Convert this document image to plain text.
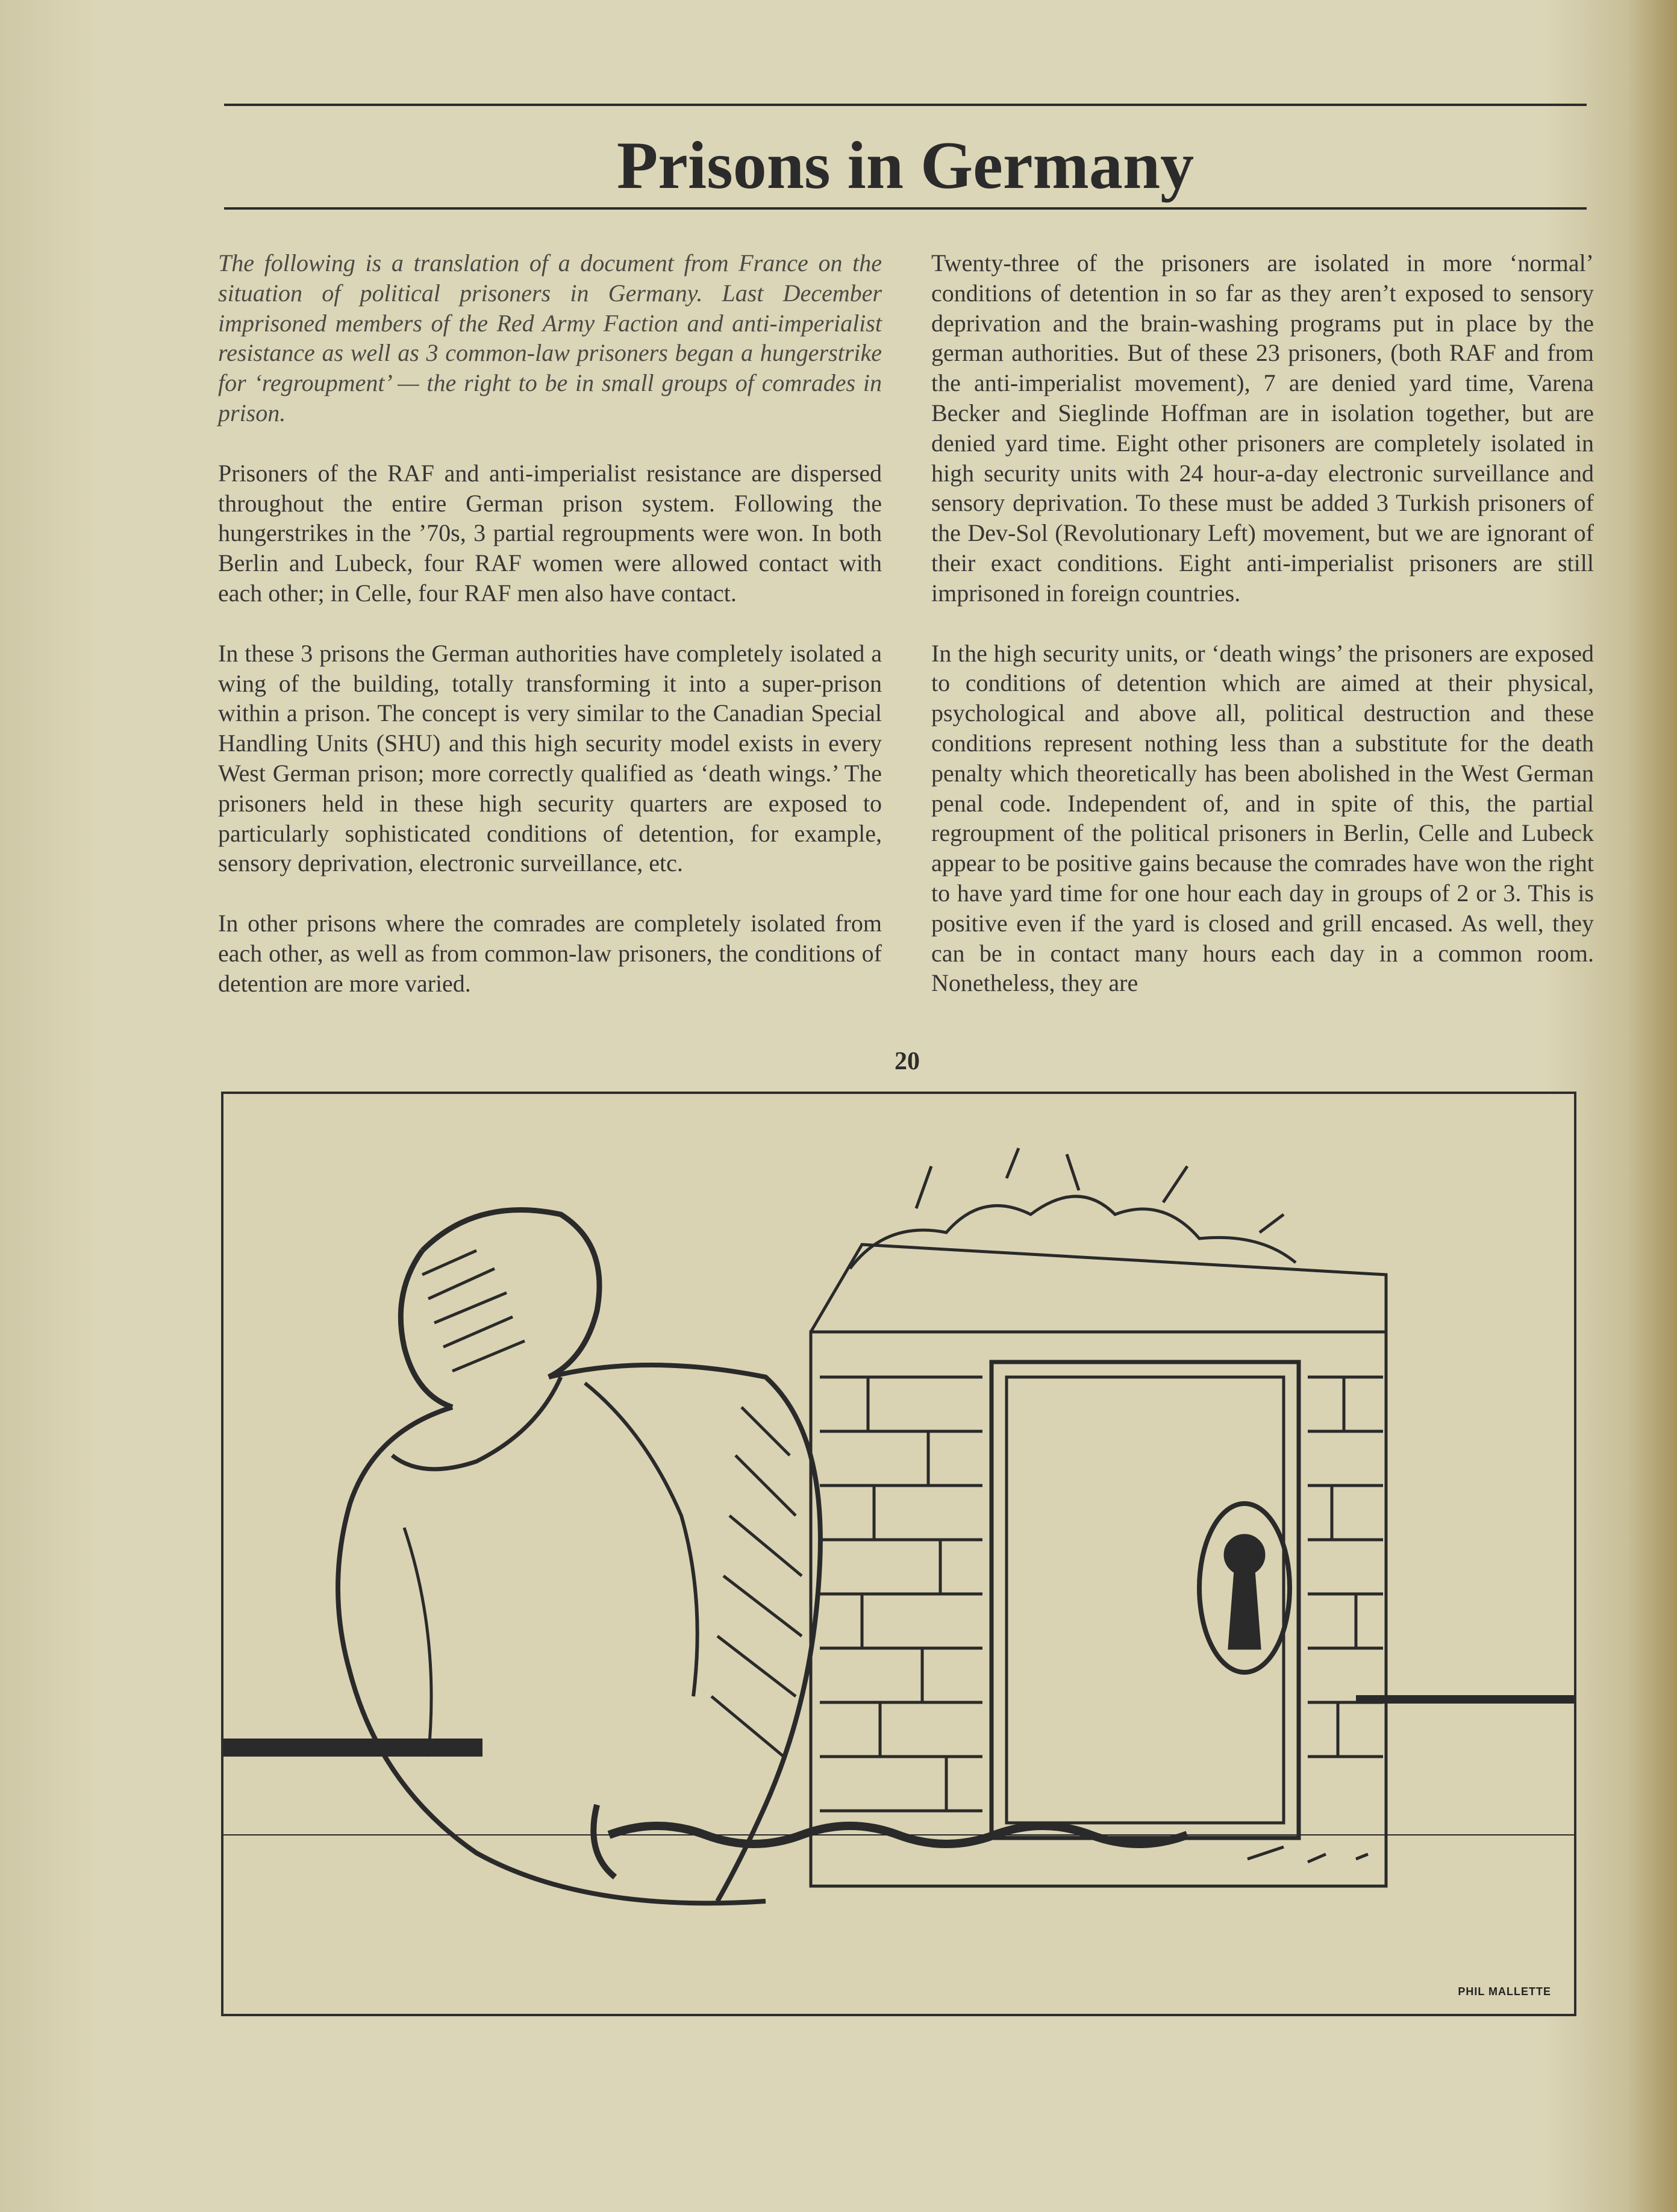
Prisons in Germany

The following is a translation of a document from France on the situation of political prisoners in Germany. Last December imprisoned members of the Red Army Faction and anti-imperialist resistance as well as 3 common-law prisoners began a hungerstrike for ‘regroupment’ — the right to be in small groups of comrades in prison.

Prisoners of the RAF and anti-imperialist resistance are dispersed throughout the entire German prison system. Following the hungerstrikes in the ’70s, 3 partial regroupments were won. In both Berlin and Lubeck, four RAF women were allowed contact with each other; in Celle, four RAF men also have contact.

In these 3 prisons the German authorities have completely isolated a wing of the building, totally transforming it into a super-prison within a prison. The concept is very similar to the Canadian Special Handling Units (SHU) and this high security model exists in every West German prison; more correctly qualified as ‘death wings.’ The prisoners held in these high security quarters are exposed to particularly sophisticated conditions of detention, for example, sensory deprivation, electronic surveillance, etc.

In other prisons where the comrades are completely isolated from each other, as well as from common-law prisoners, the conditions of detention are more varied.

Twenty-three of the prisoners are isolated in more ‘normal’ conditions of detention in so far as they aren’t exposed to sensory deprivation and the brain-washing programs put in place by the german authorities. But of these 23 prisoners, (both RAF and from the anti-imperialist movement), 7 are denied yard time, Varena Becker and Sieglinde Hoffman are in isolation together, but are denied yard time. Eight other prisoners are completely isolated in high security units with 24 hour-a-day electronic surveillance and sensory deprivation. To these must be added 3 Turkish prisoners of the Dev-Sol (Revolutionary Left) movement, but we are ignorant of their exact conditions. Eight anti-imperialist prisoners are still imprisoned in foreign countries.

In the high security units, or ‘death wings’ the prisoners are exposed to conditions of detention which are aimed at their physical, psychological and above all, political destruction and these conditions represent nothing less than a substitute for the death penalty which theoretically has been abolished in the West German penal code. Independent of, and in spite of this, the partial regroupment of the political prisoners in Berlin, Celle and Lubeck appear to be positive gains because the comrades have won the right to have yard time for one hour each day in groups of 2 or 3. This is positive even if the yard is closed and grill encased. As well, they can be in contact many hours each day in a common room. Nonetheless, they are

20
PHIL MALLETTE
